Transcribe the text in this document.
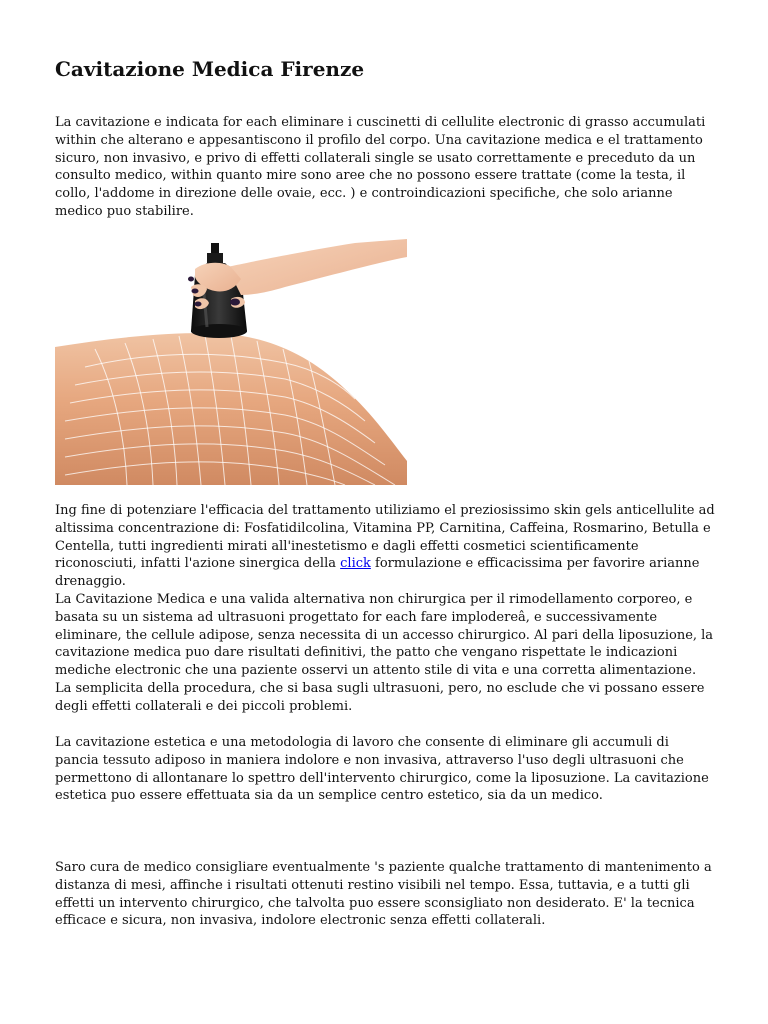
Cavitazione Medica Firenze

La cavitazione e indicata for each eliminare i cuscinetti di cellulite electronic di grasso accumulati within che alterano e appesantiscono il profilo del corpo. Una cavitazione medica e el trattamento sicuro, non invasivo, e privo di effetti collaterali single se usato correttamente e preceduto da un consulto medico, within quanto mire sono aree che no possono essere trattate (come la testa, il collo, l'addome in direzione delle ovaie, ecc. ) e controindicazioni specifiche, che solo arianne medico puo stabilire.

Ing fine di potenziare l'efficacia del trattamento utiliziamo el preziosissimo skin gels anticellulite ad altissima concentrazione di: Fosfatidilcolina, Vitamina PP, Carnitina, Caffeina, Rosmarino, Betulla e Centella, tutti ingredienti mirati all'inestetismo e dagli effetti cosmetici scientificamente riconosciuti, infatti l'azione sinergica della click formulazione e efficacissima per favorire arianne drenaggio.

La Cavitazione Medica e una valida alternativa non chirurgica per il rimodellamento corporeo, e basata su un sistema ad ultrasuoni progettato for each fare implodereâ, e successivamente eliminare, the cellule adipose, senza necessita di un accesso chirurgico. Al pari della liposuzione, la cavitazione medica puo dare risultati definitivi, the patto che vengano rispettate le indicazioni mediche electronic che una paziente osservi un attento stile di vita e una corretta alimentazione. La semplicita della procedura, che si basa sugli ultrasuoni, pero, no esclude che vi possano essere degli effetti collaterali e dei piccoli problemi.

La cavitazione estetica e una metodologia di lavoro che consente di eliminare gli accumuli di pancia tessuto adiposo in maniera indolore e non invasiva, attraverso l'uso degli ultrasuoni che permettono di allontanare lo spettro dell'intervento chirurgico, come la liposuzione. La cavitazione estetica puo essere effettuata sia da un semplice centro estetico, sia da un medico.

Saro cura de medico consigliare eventualmente 's paziente qualche trattamento di mantenimento a distanza di mesi, affinche i risultati ottenuti restino visibili nel tempo. Essa, tuttavia, e a tutti gli effetti un intervento chirurgico, che talvolta puo essere sconsigliato non desiderato. E' la tecnica efficace e sicura, non invasiva, indolore electronic senza effetti collaterali.
